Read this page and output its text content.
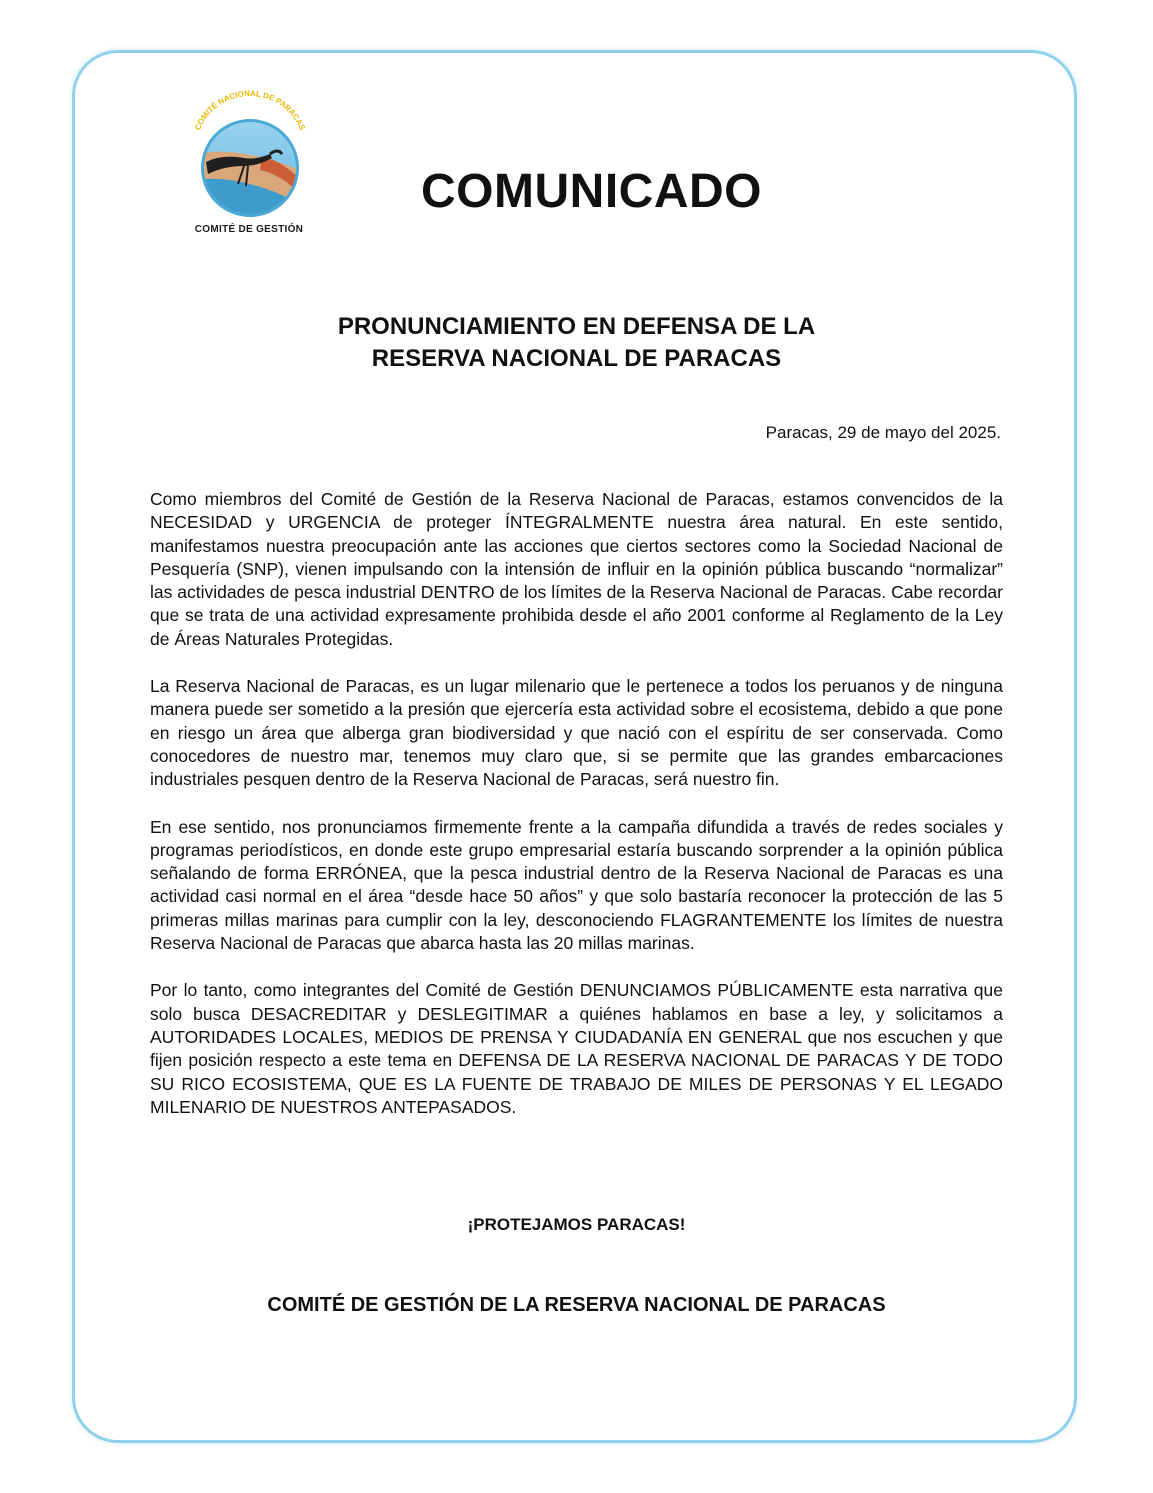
COMITÉ NACIONAL DE PARACAS
COMITÉ DE GESTIÓN
COMUNICADO
PRONUNCIAMIENTO EN DEFENSA DE LA
RESERVA NACIONAL DE PARACAS
Paracas, 29 de mayo del 2025.

Como miembros del Comité de Gestión de la Reserva Nacional de Paracas, estamos convencidos de la NECESIDAD y URGENCIA de proteger ÍNTEGRALMENTE nuestra área natural. En este sentido, manifestamos nuestra preocupación ante las acciones que ciertos sectores como la Sociedad Nacional de Pesquería (SNP), vienen impulsando con la intensión de influir en la opinión pública buscando “normalizar” las actividades de pesca industrial DENTRO de los límites de la Reserva Nacional de Paracas. Cabe recordar que se trata de una actividad expresamente prohibida desde el año 2001 conforme al Reglamento de la Ley de Áreas Naturales Protegidas.

La Reserva Nacional de Paracas, es un lugar milenario que le pertenece a todos los peruanos y de ninguna manera puede ser sometido a la presión que ejercería esta actividad sobre el ecosistema, debido a que pone en riesgo un área que alberga gran biodiversidad y que nació con el espíritu de ser conservada. Como conocedores de nuestro mar, tenemos muy claro que, si se permite que las grandes embarcaciones industriales pesquen dentro de la Reserva Nacional de Paracas, será nuestro fin.

En ese sentido, nos pronunciamos firmemente frente a la campaña difundida a través de redes sociales y programas periodísticos, en donde este grupo empresarial estaría buscando sorprender a la opinión pública señalando de forma ERRÓNEA, que la pesca industrial dentro de la Reserva Nacional de Paracas es una actividad casi normal en el área “desde hace 50 años” y que solo bastaría reconocer la protección de las 5 primeras millas marinas para cumplir con la ley, desconociendo FLAGRANTEMENTE los límites de nuestra Reserva Nacional de Paracas que abarca hasta las 20 millas marinas.

Por lo tanto, como integrantes del Comité de Gestión DENUNCIAMOS PÚBLICAMENTE esta narrativa que solo busca DESACREDITAR y DESLEGITIMAR a quiénes hablamos en base a ley, y solicitamos a AUTORIDADES LOCALES, MEDIOS DE PRENSA Y CIUDADANÍA EN GENERAL que nos escuchen y que fijen posición respecto a este tema en DEFENSA DE LA RESERVA NACIONAL DE PARACAS Y DE TODO SU RICO ECOSISTEMA, QUE ES LA FUENTE DE TRABAJO DE MILES DE PERSONAS Y EL LEGADO MILENARIO DE NUESTROS ANTEPASADOS.

¡PROTEJAMOS PARACAS!
COMITÉ DE GESTIÓN DE LA RESERVA NACIONAL DE PARACAS
